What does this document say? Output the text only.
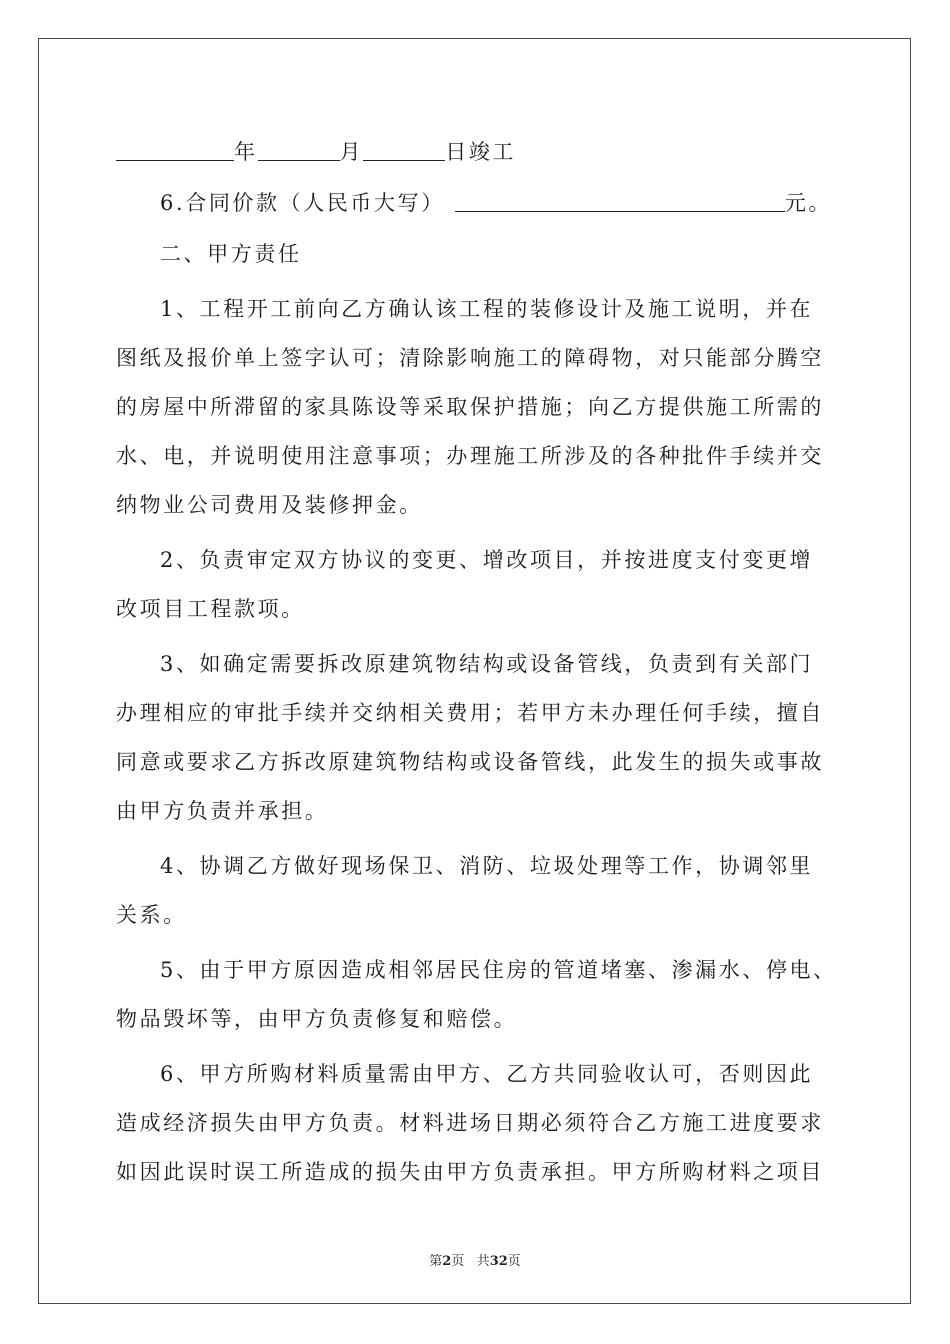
年	月	日竣工
6.合同价款（人民币大写）	元。
二、甲方责任
1、工程开工前向乙方确认该工程的装修设计及施工说明，并在
图纸及报价单上签字认可；清除影响施工的障碍物，对只能部分腾空
的房屋中所滞留的家具陈设等采取保护措施；向乙方提供施工所需的
水、电，并说明使用注意事项；办理施工所涉及的各种批件手续并交
纳物业公司费用及装修押金。
2、负责审定双方协议的变更、增改项目，并按进度支付变更增
改项目工程款项。
3、如确定需要拆改原建筑物结构或设备管线，负责到有关部门
办理相应的审批手续并交纳相关费用；若甲方未办理任何手续，擅自
同意或要求乙方拆改原建筑物结构或设备管线，此发生的损失或事故
由甲方负责并承担。
4、协调乙方做好现场保卫、消防、垃圾处理等工作，协调邻里
关系。
5、由于甲方原因造成相邻居民住房的管道堵塞、渗漏水、停电、
物品毁坏等，由甲方负责修复和赔偿。
6、甲方所购材料质量需由甲方、乙方共同验收认可，否则因此
造成经济损失由甲方负责。材料进场日期必须符合乙方施工进度要求
如因此误时误工所造成的损失由甲方负责承担。甲方所购材料之项目
第2页 共32页
